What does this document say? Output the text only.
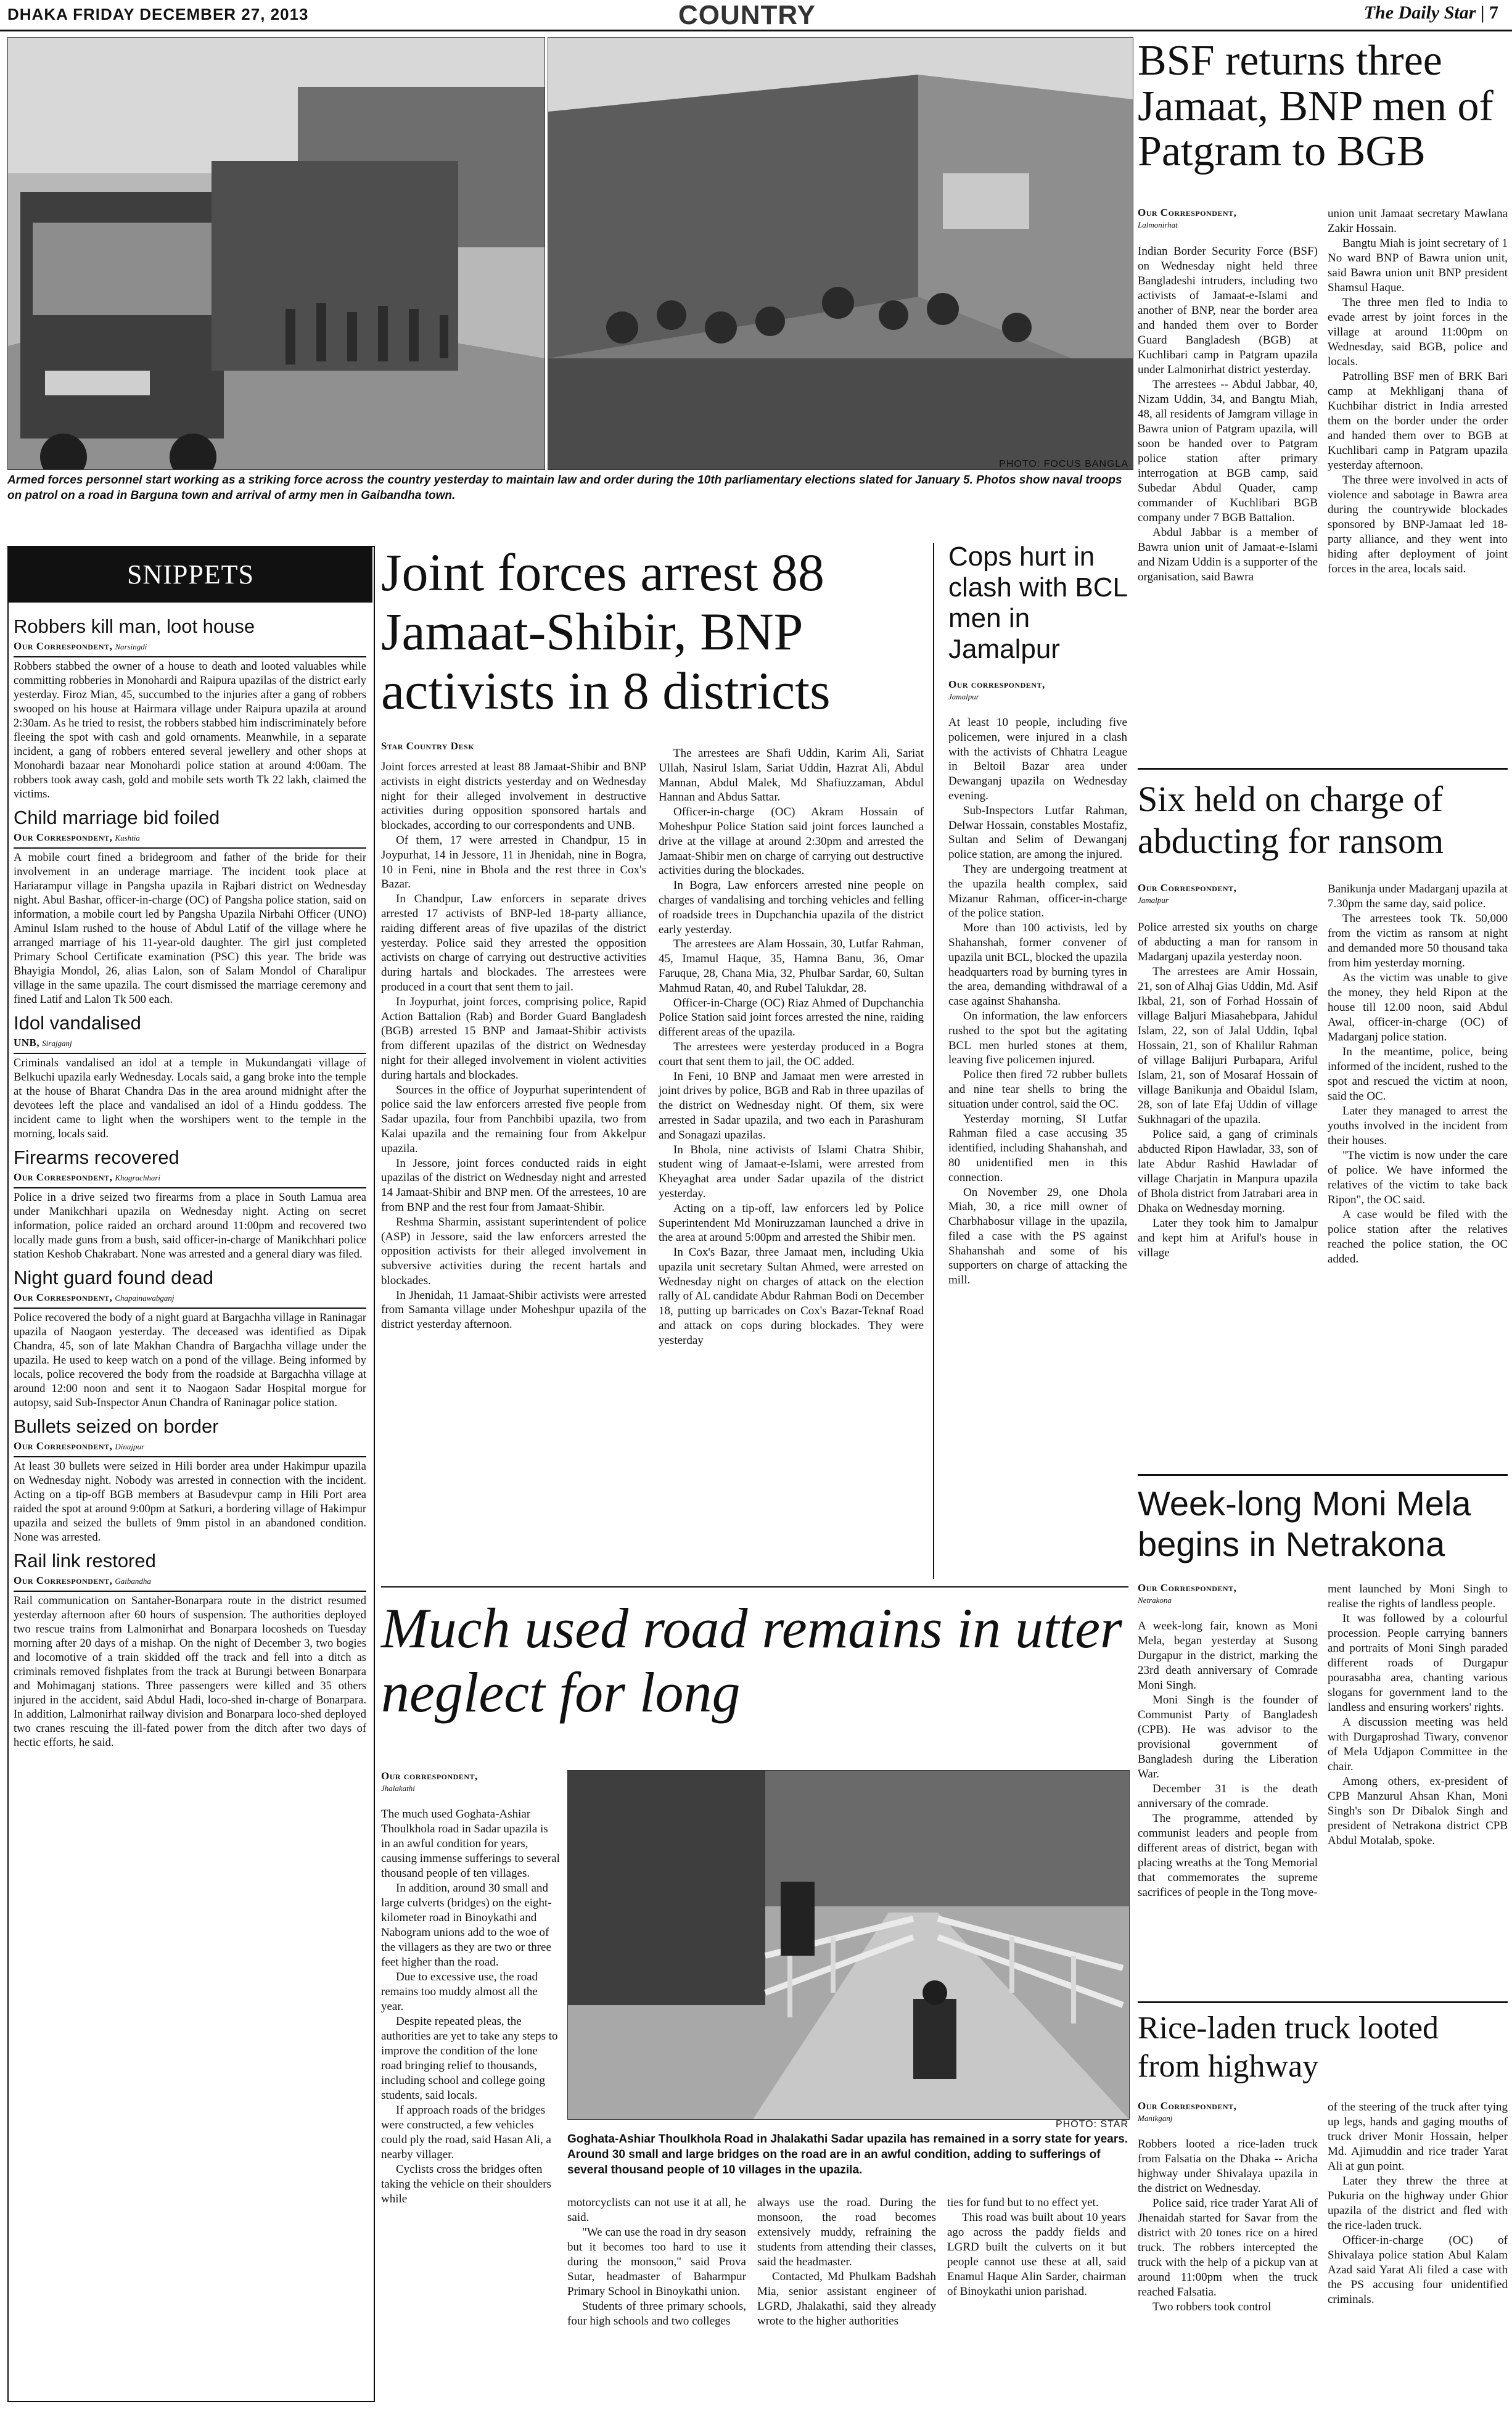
DHAKA FRIDAY DECEMBER 27, 2013	COUNTRY	The Daily Star | 7
PHOTO: FOCUS BANGLA
Armed forces personnel start working as a striking force across the country yesterday to maintain law and order during the 10th parliamentary elections slated for January 5. Photos show naval troops on patrol on a road in Barguna town and arrival of army men in Gaibandha town.
BSF returns three Jamaat, BNP men of Patgram to BGB
Our Correspondent,
Lalmonirhat

Indian Border Security Force (BSF) on Wednesday night held three Bangladeshi intruders, including two activists of Jamaat-e-Islami and another of BNP, near the border area and handed them over to Border Guard Bangladesh (BGB) at Kuchlibari camp in Patgram upazila under Lalmonirhat district yesterday.

The arrestees -- Abdul Jabbar, 40, Nizam Uddin, 34, and Bangtu Miah, 48, all residents of Jamgram village in Bawra union of Patgram upazila, will soon be handed over to Patgram police station after primary interrogation at BGB camp, said Subedar Abdul Quader, camp commander of Kuchlibari BGB company under 7 BGB Battalion.

Abdul Jabbar is a member of Bawra union unit of Jamaat-e-Islami and Nizam Uddin is a supporter of the organisation, said Bawra

union unit Jamaat secretary Mawlana Zakir Hossain.

Bangtu Miah is joint secretary of 1 No ward BNP of Bawra union unit, said Bawra union unit BNP president Shamsul Haque.

The three men fled to India to evade arrest by joint forces in the village at around 11:00pm on Wednesday, said BGB, police and locals.

Patrolling BSF men of BRK Bari camp at Mekhliganj thana of Kuchbihar district in India arrested them on the border under the order and handed them over to BGB at Kuchlibari camp in Patgram upazila yesterday afternoon.

The three were involved in acts of violence and sabotage in Bawra area during the countrywide blockades sponsored by BNP-Jamaat led 18-party alliance, and they went into hiding after deployment of joint forces in the area, locals said.

SNIPPETS
Robbers kill man, loot house
Our Correspondent, Narsingdi
Robbers stabbed the owner of a house to death and looted valuables while committing robberies in Monohardi and Raipura upazilas of the district early yesterday. Firoz Mian, 45, succumbed to the injuries after a gang of robbers swooped on his house at Hairmara village under Raipura upazila at around 2:30am. As he tried to resist, the robbers stabbed him indiscriminately before fleeing the spot with cash and gold ornaments. Meanwhile, in a separate incident, a gang of robbers entered several jewellery and other shops at Monohardi bazaar near Monohardi police station at around 4:00am. The robbers took away cash, gold and mobile sets worth Tk 22 lakh, claimed the victims.
Child marriage bid foiled
Our Correspondent, Kushtia
A mobile court fined a bridegroom and father of the bride for their involvement in an underage marriage. The incident took place at Hariarampur village in Pangsha upazila in Rajbari district on Wednesday night. Abul Bashar, officer-in-charge (OC) of Pangsha police station, said on information, a mobile court led by Pangsha Upazila Nirbahi Officer (UNO) Aminul Islam rushed to the house of Abdul Latif of the village where he arranged marriage of his 11-year-old daughter. The girl just completed Primary School Certificate examination (PSC) this year. The bride was Bhayigia Mondol, 26, alias Lalon, son of Salam Mondol of Charalipur village in the same upazila. The court dismissed the marriage ceremony and fined Latif and Lalon Tk 500 each.
Idol vandalised
UNB, Sirajganj
Criminals vandalised an idol at a temple in Mukundangati village of Belkuchi upazila early Wednesday. Locals said, a gang broke into the temple at the house of Bharat Chandra Das in the area around midnight after the devotees left the place and vandalised an idol of a Hindu goddess. The incident came to light when the worshipers went to the temple in the morning, locals said.
Firearms recovered
Our Correspondent, Khagrachhari
Police in a drive seized two firearms from a place in South Lamua area under Manikchhari upazila on Wednesday night. Acting on secret information, police raided an orchard around 11:00pm and recovered two locally made guns from a bush, said officer-in-charge of Manikchhari police station Keshob Chakrabart. None was arrested and a general diary was filed.
Night guard found dead
Our Correspondent, Chapainawabganj
Police recovered the body of a night guard at Bargachha village in Raninagar upazila of Naogaon yesterday. The deceased was identified as Dipak Chandra, 45, son of late Makhan Chandra of Bargachha village under the upazila. He used to keep watch on a pond of the village. Being informed by locals, police recovered the body from the roadside at Bargachha village at around 12:00 noon and sent it to Naogaon Sadar Hospital morgue for autopsy, said Sub-Inspector Anun Chandra of Raninagar police station.
Bullets seized on border
Our Correspondent, Dinajpur
At least 30 bullets were seized in Hili border area under Hakimpur upazila on Wednesday night. Nobody was arrested in connection with the incident. Acting on a tip-off BGB members at Basudevpur camp in Hili Port area raided the spot at around 9:00pm at Satkuri, a bordering village of Hakimpur upazila and seized the bullets of 9mm pistol in an abandoned condition. None was arrested.
Rail link restored
Our Correspondent, Gaibandha
Rail communication on Santaher-Bonarpara route in the district resumed yesterday afternoon after 60 hours of suspension. The authorities deployed two rescue trains from Lalmonirhat and Bonarpara locosheds on Tuesday morning after 20 days of a mishap. On the night of December 3, two bogies and locomotive of a train skidded off the track and fell into a ditch as criminals removed fishplates from the track at Burungi between Bonarpara and Mohimaganj stations. Three passengers were killed and 35 others injured in the accident, said Abdul Hadi, loco-shed in-charge of Bonarpara. In addition, Lalmonirhat railway division and Bonarpara loco-shed deployed two cranes rescuing the ill-fated power from the ditch after two days of hectic efforts, he said.
Joint forces arrest 88 Jamaat-Shibir, BNP activists in 8 districts
Star Country Desk

Joint forces arrested at least 88 Jamaat-Shibir and BNP activists in eight districts yesterday and on Wednesday night for their alleged involvement in destructive activities during opposition sponsored hartals and blockades, according to our correspondents and UNB.

Of them, 17 were arrested in Chandpur, 15 in Joypurhat, 14 in Jessore, 11 in Jhenidah, nine in Bogra, 10 in Feni, nine in Bhola and the rest three in Cox's Bazar.

In Chandpur, Law enforcers in separate drives arrested 17 activists of BNP-led 18-party alliance, raiding different areas of five upazilas of the district yesterday. Police said they arrested the opposition activists on charge of carrying out destructive activities during hartals and blockades. The arrestees were produced in a court that sent them to jail.

In Joypurhat, joint forces, comprising police, Rapid Action Battalion (Rab) and Border Guard Bangladesh (BGB) arrested 15 BNP and Jamaat-Shibir activists from different upazilas of the district on Wednesday night for their alleged involvement in violent activities during hartals and blockades.

Sources in the office of Joypurhat superintendent of police said the law enforcers arrested five people from Sadar upazila, four from Panchbibi upazila, two from Kalai upazila and the remaining four from Akkelpur upazila.

In Jessore, joint forces conducted raids in eight upazilas of the district on Wednesday night and arrested 14 Jamaat-Shibir and BNP men. Of the arrestees, 10 are from BNP and the rest four from Jamaat-Shibir.

Reshma Sharmin, assistant superintendent of police (ASP) in Jessore, said the law enforcers arrested the opposition activists for their alleged involvement in subversive activities during the recent hartals and blockades.

In Jhenidah, 11 Jamaat-Shibir activists were arrested from Samanta village under Moheshpur upazila of the district yesterday afternoon.

The arrestees are Shafi Uddin, Karim Ali, Sariat Ullah, Nasirul Islam, Sariat Uddin, Hazrat Ali, Abdul Mannan, Abdul Malek, Md Shafiuzzaman, Abdul Hannan and Abdus Sattar.

Officer-in-charge (OC) Akram Hossain of Moheshpur Police Station said joint forces launched a drive at the village at around 2:30pm and arrested the Jamaat-Shibir men on charge of carrying out destructive activities during the blockades.

In Bogra, Law enforcers arrested nine people on charges of vandalising and torching vehicles and felling of roadside trees in Dupchanchia upazila of the district early yesterday.

The arrestees are Alam Hossain, 30, Lutfar Rahman, 45, Imamul Haque, 35, Hamna Banu, 36, Omar Faruque, 28, Chana Mia, 32, Phulbar Sardar, 60, Sultan Mahmud Ratan, 40, and Rubel Talukdar, 28.

Officer-in-Charge (OC) Riaz Ahmed of Dupchanchia Police Station said joint forces arrested the nine, raiding different areas of the upazila.

The arrestees were yesterday produced in a Bogra court that sent them to jail, the OC added.

In Feni, 10 BNP and Jamaat men were arrested in joint drives by police, BGB and Rab in three upazilas of the district on Wednesday night. Of them, six were arrested in Sadar upazila, and two each in Parashuram and Sonagazi upazilas.

In Bhola, nine activists of Islami Chatra Shibir, student wing of Jamaat-e-Islami, were arrested from Kheyaghat area under Sadar upazila of the district yesterday.

Acting on a tip-off, law enforcers led by Police Superintendent Md Moniruzzaman launched a drive in the area at around 5:00pm and arrested the Shibir men.

In Cox's Bazar, three Jamaat men, including Ukia upazila unit secretary Sultan Ahmed, were arrested on Wednesday night on charges of attack on the election rally of AL candidate Abdur Rahman Bodi on December 18, putting up barricades on Cox's Bazar-Teknaf Road and attack on cops during blockades. They were yesterday

Cops hurt in clash with BCL men in Jamalpur
Our correspondent,
Jamalpur

At least 10 people, including five policemen, were injured in a clash with the activists of Chhatra League in Beltoil Bazar area under Dewanganj upazila on Wednesday evening.

Sub-Inspectors Lutfar Rahman, Delwar Hossain, constables Mostafiz, Sultan and Selim of Dewanganj police station, are among the injured.

They are undergoing treatment at the upazila health complex, said Mizanur Rahman, officer-in-charge of the police station.

More than 100 activists, led by Shahanshah, former convener of upazila unit BCL, blocked the upazila headquarters road by burning tyres in the area, demanding withdrawal of a case against Shahansha.

On information, the law enforcers rushed to the spot but the agitating BCL men hurled stones at them, leaving five policemen injured.

Police then fired 72 rubber bullets and nine tear shells to bring the situation under control, said the OC.

Yesterday morning, SI Lutfar Rahman filed a case accusing 35 identified, including Shahanshah, and 80 unidentified men in this connection.

On November 29, one Dhola Miah, 30, a rice mill owner of Charbhabosur village in the upazila, filed a case with the PS against Shahanshah and some of his supporters on charge of attacking the mill.

Six held on charge of abducting for ransom
Our Correspondent,
Jamalpur

Police arrested six youths on charge of abducting a man for ransom in Madarganj upazila yesterday noon.

The arrestees are Amir Hossain, 21, son of Alhaj Gias Uddin, Md. Asif Ikbal, 21, son of Forhad Hossain of village Baljuri Miasahebpara, Jahidul Islam, 22, son of Jalal Uddin, Iqbal Hossain, 21, son of Khalilur Rahman of village Balijuri Purbapara, Ariful Islam, 21, son of Mosaraf Hossain of village Banikunja and Obaidul Islam, 28, son of late Efaj Uddin of village Sukhnagari of the upazila.

Police said, a gang of criminals abducted Ripon Hawladar, 33, son of late Abdur Rashid Hawladar of village Charjatin in Manpura upazila of Bhola district from Jatrabari area in Dhaka on Wednesday morning.

Later they took him to Jamalpur and kept him at Ariful's house in village

Banikunja under Madarganj upazila at 7.30pm the same day, said police.

The arrestees took Tk. 50,000 from the victim as ransom at night and demanded more 50 thousand taka from him yesterday morning.

As the victim was unable to give the money, they held Ripon at the house till 12.00 noon, said Abdul Awal, officer-in-charge (OC) of Madarganj police station.

In the meantime, police, being informed of the incident, rushed to the spot and rescued the victim at noon, said the OC.

Later they managed to arrest the youths involved in the incident from their houses.

"The victim is now under the care of police. We have informed the relatives of the victim to take back Ripon", the OC said.

A case would be filed with the police station after the relatives reached the police station, the OC added.

Much used road remains in utter neglect for long
Our correspondent,
Jhalakathi

The much used Goghata-Ashiar Thoulkhola road in Sadar upazila is in an awful condition for years, causing immense sufferings to several thousand people of ten villages.

In addition, around 30 small and large culverts (bridges) on the eight-kilometer road in Binoykathi and Nabogram unions add to the woe of the villagers as they are two or three feet higher than the road.

Due to excessive use, the road remains too muddy almost all the year.

Despite repeated pleas, the authorities are yet to take any steps to improve the condition of the lone road bringing relief to thousands, including school and college going students, said locals.

If approach roads of the bridges were constructed, a few vehicles could ply the road, said Hasan Ali, a nearby villager.

Cyclists cross the bridges often taking the vehicle on their shoulders while

PHOTO: STAR
Goghata-Ashiar Thoulkhola Road in Jhalakathi Sadar upazila has remained in a sorry state for years. Around 30 small and large bridges on the road are in an awful condition, adding to sufferings of several thousand people of 10 villages in the upazila.

motorcyclists can not use it at all, he said.

"We can use the road in dry season but it becomes too hard to use it during the monsoon," said Prova Sutar, headmaster of Baharmpur Primary School in Binoykathi union.

Students of three primary schools, four high schools and two colleges

always use the road. During the monsoon, the road becomes extensively muddy, refraining the students from attending their classes, said the headmaster.

Contacted, Md Phulkam Badshah Mia, senior assistant engineer of LGRD, Jhalakathi, said they already wrote to the higher authorities

ties for fund but to no effect yet.

This road was built about 10 years ago across the paddy fields and LGRD built the culverts on it but people cannot use these at all, said Enamul Haque Alin Sarder, chairman of Binoykathi union parishad.

Week-long Moni Mela begins in Netrakona
Our Correspondent,
Netrakona

A week-long fair, known as Moni Mela, began yesterday at Susong Durgapur in the district, marking the 23rd death anniversary of Comrade Moni Singh.

Moni Singh is the founder of Communist Party of Bangladesh (CPB). He was advisor to the provisional government of Bangladesh during the Liberation War.

December 31 is the death anniversary of the comrade.

The programme, attended by communist leaders and people from different areas of district, began with placing wreaths at the Tong Memorial that commemorates the supreme sacrifices of people in the Tong move-

ment launched by Moni Singh to realise the rights of landless people.

It was followed by a colourful procession. People carrying banners and portraits of Moni Singh paraded different roads of Durgapur pourasabha area, chanting various slogans for government land to the landless and ensuring workers' rights.

A discussion meeting was held with Durgaproshad Tiwary, convenor of Mela Udjapon Committee in the chair.

Among others, ex-president of CPB Manzurul Ahsan Khan, Moni Singh's son Dr Dibalok Singh and president of Netrakona district CPB Abdul Motalab, spoke.

Rice-laden truck looted from highway
Our Correspondent,
Manikganj

Robbers looted a rice-laden truck from Falsatia on the Dhaka -- Aricha highway under Shivalaya upazila in the district on Wednesday.

Police said, rice trader Yarat Ali of Jhenaidah started for Savar from the district with 20 tones rice on a hired truck. The robbers intercepted the truck with the help of a pickup van at around 11:00pm when the truck reached Falsatia.

Two robbers took control

of the steering of the truck after tying up legs, hands and gaging mouths of truck driver Monir Hossain, helper Md. Ajimuddin and rice trader Yarat Ali at gun point.

Later they threw the three at Pukuria on the highway under Ghior upazila of the district and fled with the rice-laden truck.

Officer-in-charge (OC) of Shivalaya police station Abul Kalam Azad said Yarat Ali filed a case with the PS accusing four unidentified criminals.
